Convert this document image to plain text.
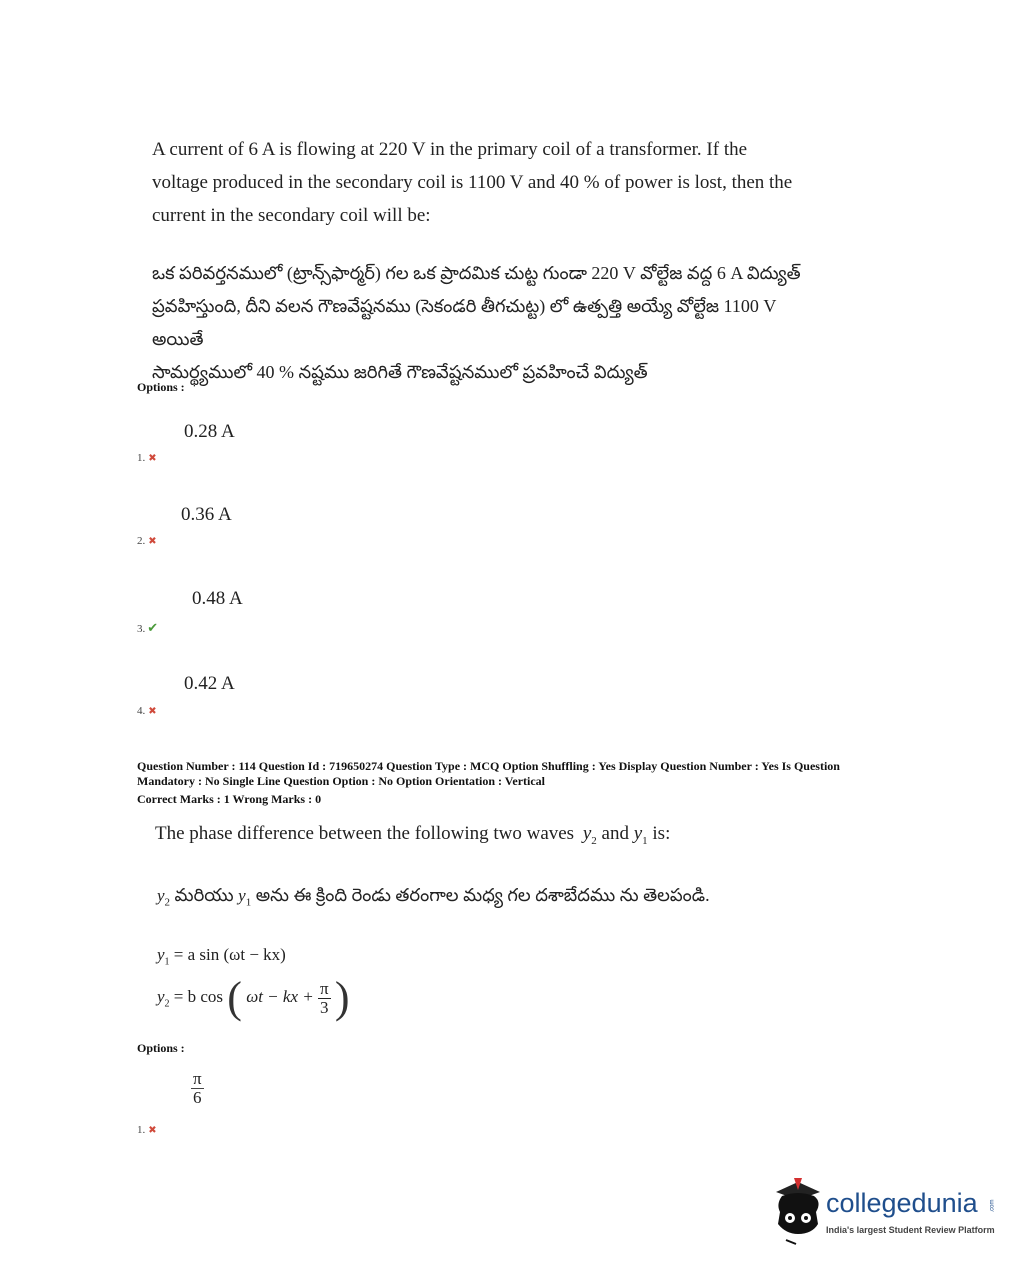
A current of 6 A is flowing at 220 V in the primary coil of a transformer. If the
voltage produced in the secondary coil is 1100 V and 40 % of power is lost, then the
current in the secondary coil will be:
ఒక పరివర్తనములో (ట్రాన్స్‌ఫార్మర్) గల ఒక ప్రాదమిక చుట్ట గుండా 220 V వోల్టేజ వద్ద 6 A విద్యుత్
ప్రవహిస్తుంది, దీని వలన గౌణవేష్టనము (సెకండరి తీగచుట్ట) లో ఉత్పత్తి అయ్యే వోల్టేజ 1100 V అయితే
సామర్థ్యములో 40 % నష్టము జరిగితే గౌణవేష్టనములో ప్రవహించే విద్యుత్
Options :
0.28 A
1. ✖
0.36 A
2. ✖
0.48 A
3. ✔
0.42 A
4. ✖
Question Number : 114 Question Id : 719650274 Question Type : MCQ Option Shuffling : Yes Display Question Number : Yes Is Question
Mandatory : No Single Line Question Option : No Option Orientation : Vertical
Correct Marks : 1 Wrong Marks : 0
The phase difference between the following two waves $y_2$ and $y_1$ is:
$y_2$ మరియు $y_1$ అను ఈ క్రింది రెండు తరంగాల మధ్య గల దశాబేదము ను తెలపండి.
$y_1 = a$ sin (ωt − kx)
$y_2 = b$ cos ( ωt − kx + $\frac{\pi}{3}$ )
Options :
$\frac{\pi}{6}$
1. ✖
collegedunia .com
India's largest Student Review Platform
